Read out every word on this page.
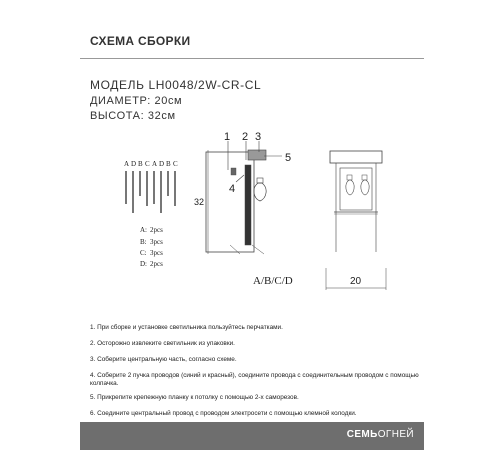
СХЕМА СБОРКИ
МОДЕЛЬ LH0048/2W-CR-CL
ДИАМЕТР: 20см
ВЫСОТА: 32см
A D B C A D B C
A: 2pcs
B: 3pcs
C: 3pcs
D: 2pcs
1 2 3
4
5
32
A/B/C/D	20
1. При сборке и установке светильника пользуйтесь перчатками.
2. Осторожно извлеките светильник из упаковки.
3. Соберите центральную часть, согласно схеме.
4. Соберите 2 пучка проводов (синий и красный), соедините провода с соединительным проводом с помощью колпачка.
5. Прикрепите крепежную планку к потолку с помощью 2-х саморезов.
6. Соедините центральный провод с проводом электросети с помощью клемной колодки.
СЕМЬОГНЕЙ
